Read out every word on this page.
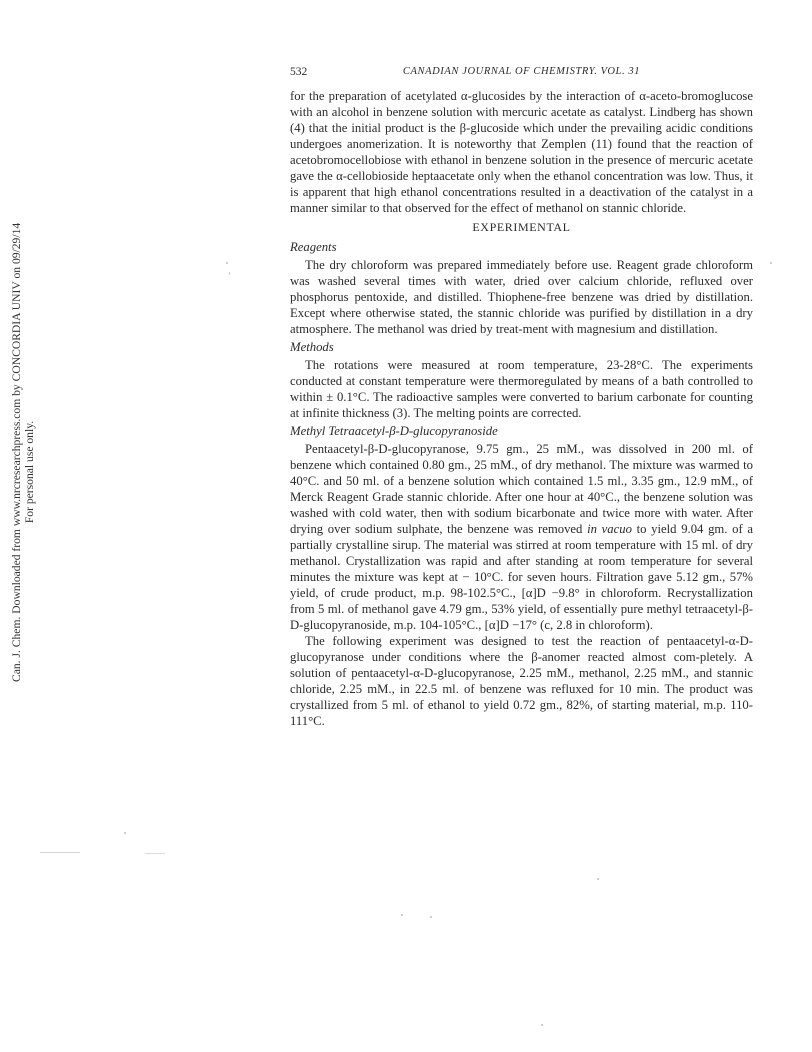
Can. J. Chem. Downloaded from www.nrcresearchpress.com by CONCORDIA UNIV on 09/29/14 For personal use only.
532	CANADIAN JOURNAL OF CHEMISTRY. VOL. 31

for the preparation of acetylated α-glucosides by the interaction of α-aceto-bromoglucose with an alcohol in benzene solution with mercuric acetate as catalyst. Lindberg has shown (4) that the initial product is the β-glucoside which under the prevailing acidic conditions undergoes anomerization. It is noteworthy that Zemplen (11) found that the reaction of acetobromocellobiose with ethanol in benzene solution in the presence of mercuric acetate gave the α-cellobioside heptaacetate only when the ethanol concentration was low. Thus, it is apparent that high ethanol concentrations resulted in a deactivation of the catalyst in a manner similar to that observed for the effect of methanol on stannic chloride.

EXPERIMENTAL
Reagents

The dry chloroform was prepared immediately before use. Reagent grade chloroform was washed several times with water, dried over calcium chloride, refluxed over phosphorus pentoxide, and distilled. Thiophene-free benzene was dried by distillation. Except where otherwise stated, the stannic chloride was purified by distillation in a dry atmosphere. The methanol was dried by treat-ment with magnesium and distillation.

Methods

The rotations were measured at room temperature, 23-28°C. The experiments conducted at constant temperature were thermoregulated by means of a bath controlled to within ± 0.1°C. The radioactive samples were converted to barium carbonate for counting at infinite thickness (3). The melting points are corrected.

Methyl Tetraacetyl-β-D-glucopyranoside

Pentaacetyl-β-D-glucopyranose, 9.75 gm., 25 mM., was dissolved in 200 ml. of benzene which contained 0.80 gm., 25 mM., of dry methanol. The mixture was warmed to 40°C. and 50 ml. of a benzene solution which contained 1.5 ml., 3.35 gm., 12.9 mM., of Merck Reagent Grade stannic chloride. After one hour at 40°C., the benzene solution was washed with cold water, then with sodium bicarbonate and twice more with water. After drying over sodium sulphate, the benzene was removed in vacuo to yield 9.04 gm. of a partially crystalline sirup. The material was stirred at room temperature with 15 ml. of dry methanol. Crystallization was rapid and after standing at room temperature for several minutes the mixture was kept at − 10°C. for seven hours. Filtration gave 5.12 gm., 57% yield, of crude product, m.p. 98-102.5°C., [α]D −9.8° in chloroform. Recrystallization from 5 ml. of methanol gave 4.79 gm., 53% yield, of essentially pure methyl tetraacetyl-β-D-glucopyranoside, m.p. 104-105°C., [α]D −17° (c, 2.8 in chloroform).

The following experiment was designed to test the reaction of pentaacetyl-α-D-glucopyranose under conditions where the β-anomer reacted almost com-pletely. A solution of pentaacetyl-α-D-glucopyranose, 2.25 mM., methanol, 2.25 mM., and stannic chloride, 2.25 mM., in 22.5 ml. of benzene was refluxed for 10 min. The product was crystallized from 5 ml. of ethanol to yield 0.72 gm., 82%, of starting material, m.p. 110-111°C.
